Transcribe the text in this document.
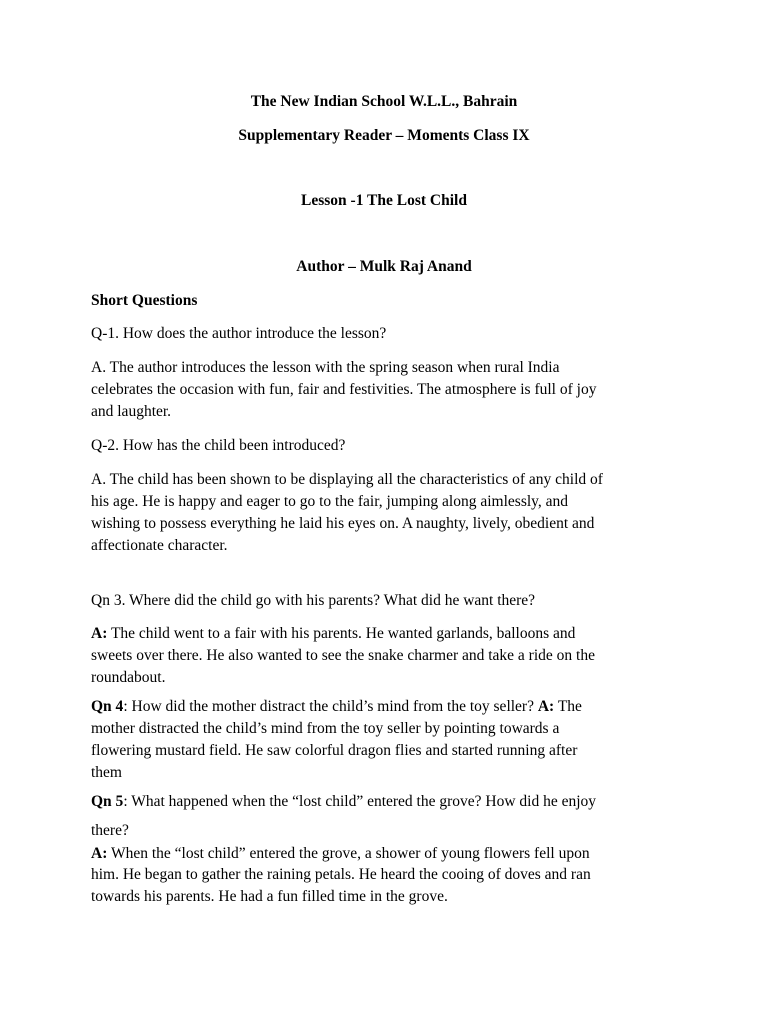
The New Indian School W.L.L., Bahrain
Supplementary Reader – Moments Class IX
Lesson -1 The Lost Child
Author – Mulk Raj Anand
Short Questions
Q-1. How does the author introduce the lesson?
A. The author introduces the lesson with the spring season when rural India
celebrates the occasion with fun, fair and festivities. The atmosphere is full of joy
and laughter.
Q-2. How has the child been introduced?
A. The child has been shown to be displaying all the characteristics of any child of
his age. He is happy and eager to go to the fair, jumping along aimlessly, and
wishing to possess everything he laid his eyes on. A naughty, lively, obedient and
affectionate character.
Qn 3. Where did the child go with his parents? What did he want there?
A: The child went to a fair with his parents. He wanted garlands, balloons and
sweets over there. He also wanted to see the snake charmer and take a ride on the
roundabout.
Qn 4: How did the mother distract the child’s mind from the toy seller? A: The
mother distracted the child’s mind from the toy seller by pointing towards a
flowering mustard field. He saw colorful dragon flies and started running after
them
Qn 5: What happened when the “lost child” entered the grove? How did he enjoy
there?
A: When the “lost child” entered the grove, a shower of young flowers fell upon
him. He began to gather the raining petals. He heard the cooing of doves and ran
towards his parents. He had a fun filled time in the grove.
